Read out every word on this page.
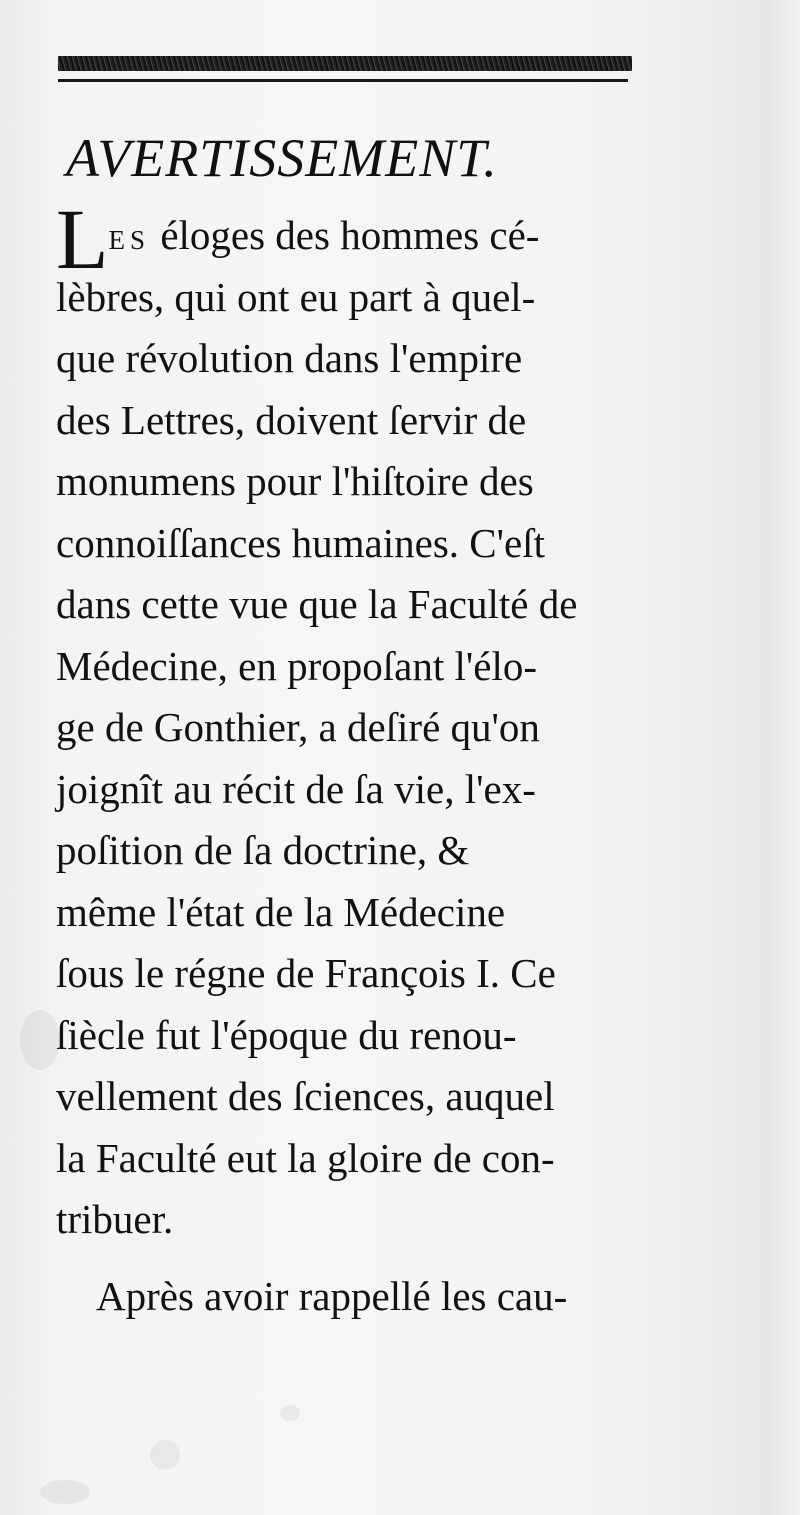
AVERTISSEMENT.
LES éloges des hommes cé-
lèbres, qui ont eu part à quel-
que révolution dans l'empire
des Lettres, doivent ſervir de
monumens pour l'hiſtoire des
connoiſſances humaines. C'eſt
dans cette vue que la Faculté de
Médecine, en propoſant l'élo-
ge de Gonthier, a deſiré qu'on
joignît au récit de ſa vie, l'ex-
poſition de ſa doctrine, &
même l'état de la Médecine
ſous le régne de François I. Ce
ſiècle fut l'époque du renou-
vellement des ſciences, auquel
la Faculté eut la gloire de con-
tribuer.
Après avoir rappellé les cau-
